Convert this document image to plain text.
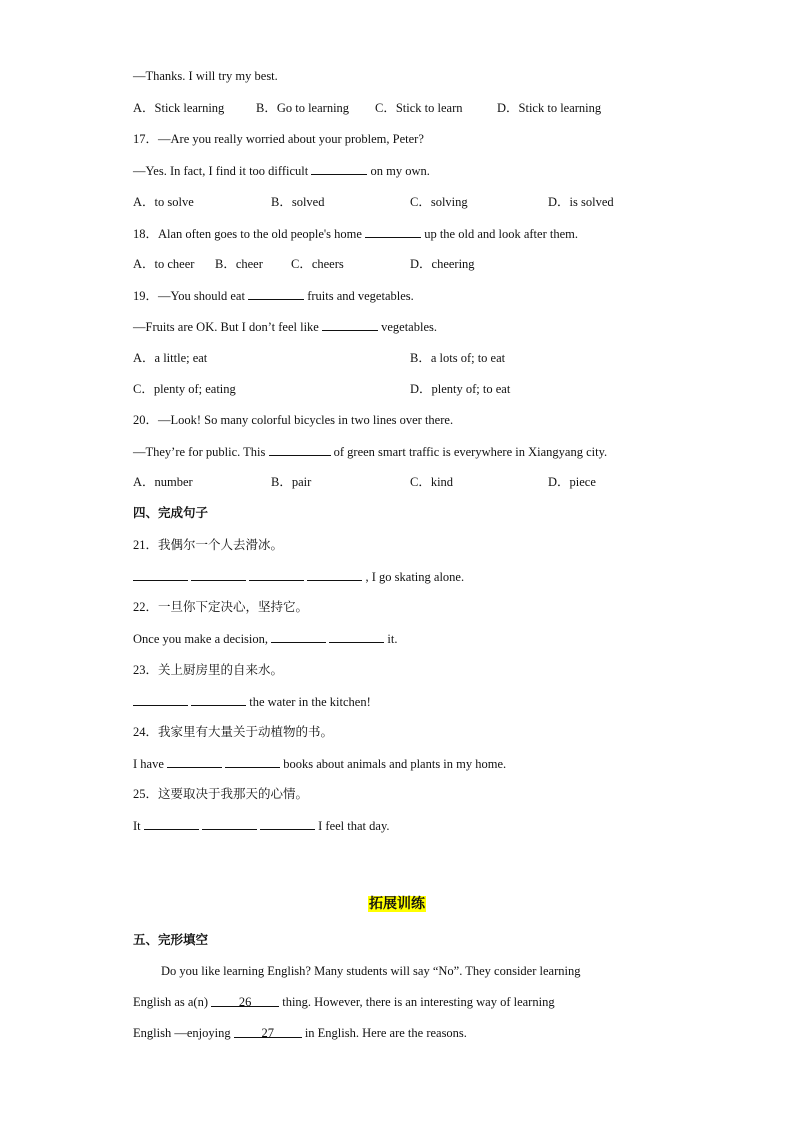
—Thanks. I will try my best.
A．Stick learning	B．Go to learning C．Stick to learn	D．Stick to learning
17．—Are you really worried about your problem, Peter?
—Yes. In fact, I find it too difficult	on my own.
A．to solve	B．solved	C．solving	D．is solved
18．Alan often goes to the old people's home	up the old and look after them.
A．to cheer B．cheer C．cheers	D．cheering
19．—You should eat	fruits and vegetables.
—Fruits are OK. But I don’t feel like	vegetables.
A．a little; eat	B．a lots of; to eat
C．plenty of; eating	D．plenty of; to eat
20．—Look! So many colorful bicycles in two lines over there.
—They’re for public. This	of green smart traffic is everywhere in Xiangyang city.
A．number	B．pair	C．kind	D．piece
四、完成句子
21．我偶尔一个人去滑冰。
, I go skating alone.
22．一旦你下定决心，坚持它。
Once you make a decision,	it.
23．关上厨房里的自来水。
the water in the kitchen!
24．我家里有大量关于动植物的书。
I have	books about animals and plants in my home.
25．这要取决于我那天的心情。
It	I feel that day.
拓展训练
五、完形填空
Do you like learning English? Many students will say “No”. They consider learning
English as a(n) 26 thing. However, there is an interesting way of learning
English —enjoying 27 in English. Here are the reasons.
